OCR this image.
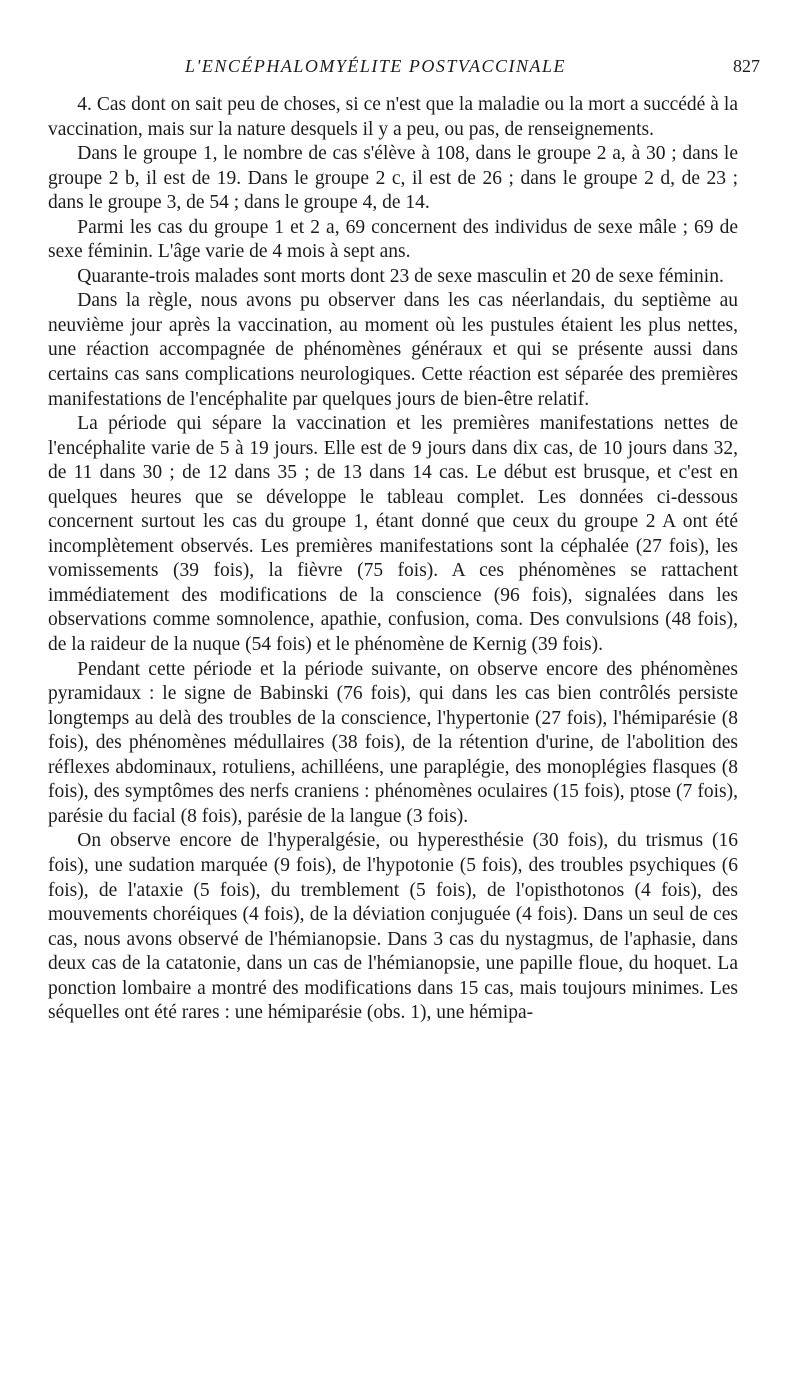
L'ENCÉPHALOMYÉLITE POSTVACCINALE	827

4. Cas dont on sait peu de choses, si ce n'est que la maladie ou la mort a succédé à la vaccination, mais sur la nature desquels il y a peu, ou pas, de renseignements.

Dans le groupe 1, le nombre de cas s'élève à 108, dans le groupe 2 a, à 30 ; dans le groupe 2 b, il est de 19. Dans le groupe 2 c, il est de 26 ; dans le groupe 2 d, de 23 ; dans le groupe 3, de 54 ; dans le groupe 4, de 14.

Parmi les cas du groupe 1 et 2 a, 69 concernent des individus de sexe mâle ; 69 de sexe féminin. L'âge varie de 4 mois à sept ans.

Quarante-trois malades sont morts dont 23 de sexe masculin et 20 de sexe féminin.

Dans la règle, nous avons pu observer dans les cas néerlandais, du septième au neuvième jour après la vaccination, au moment où les pustules étaient les plus nettes, une réaction accompagnée de phénomènes généraux et qui se présente aussi dans certains cas sans complications neurologiques. Cette réaction est séparée des premières manifestations de l'encéphalite par quelques jours de bien-être relatif.

La période qui sépare la vaccination et les premières manifestations nettes de l'encéphalite varie de 5 à 19 jours. Elle est de 9 jours dans dix cas, de 10 jours dans 32, de 11 dans 30 ; de 12 dans 35 ; de 13 dans 14 cas. Le début est brusque, et c'est en quelques heures que se développe le tableau complet. Les données ci-dessous concernent surtout les cas du groupe 1, étant donné que ceux du groupe 2 A ont été incomplètement observés. Les premières manifestations sont la céphalée (27 fois), les vomissements (39 fois), la fièvre (75 fois). A ces phénomènes se rattachent immédiatement des modifications de la conscience (96 fois), signalées dans les observations comme somnolence, apathie, confusion, coma. Des convulsions (48 fois), de la raideur de la nuque (54 fois) et le phénomène de Kernig (39 fois).

Pendant cette période et la période suivante, on observe encore des phénomènes pyramidaux : le signe de Babinski (76 fois), qui dans les cas bien contrôlés persiste longtemps au delà des troubles de la conscience, l'hypertonie (27 fois), l'hémiparésie (8 fois), des phénomènes médullaires (38 fois), de la rétention d'urine, de l'abolition des réflexes abdominaux, rotuliens, achilléens, une paraplégie, des monoplégies flasques (8 fois), des symptômes des nerfs craniens : phénomènes oculaires (15 fois), ptose (7 fois), parésie du facial (8 fois), parésie de la langue (3 fois).

On observe encore de l'hyperalgésie, ou hyperesthésie (30 fois), du trismus (16 fois), une sudation marquée (9 fois), de l'hypotonie (5 fois), des troubles psychiques (6 fois), de l'ataxie (5 fois), du tremblement (5 fois), de l'opisthotonos (4 fois), des mouvements choréiques (4 fois), de la déviation conjuguée (4 fois). Dans un seul de ces cas, nous avons observé de l'hémianopsie. Dans 3 cas du nystagmus, de l'aphasie, dans deux cas de la catatonie, dans un cas de l'hémianopsie, une papille floue, du hoquet. La ponction lombaire a montré des modifications dans 15 cas, mais toujours minimes. Les séquelles ont été rares : une hémiparésie (obs. 1), une hémipa-
